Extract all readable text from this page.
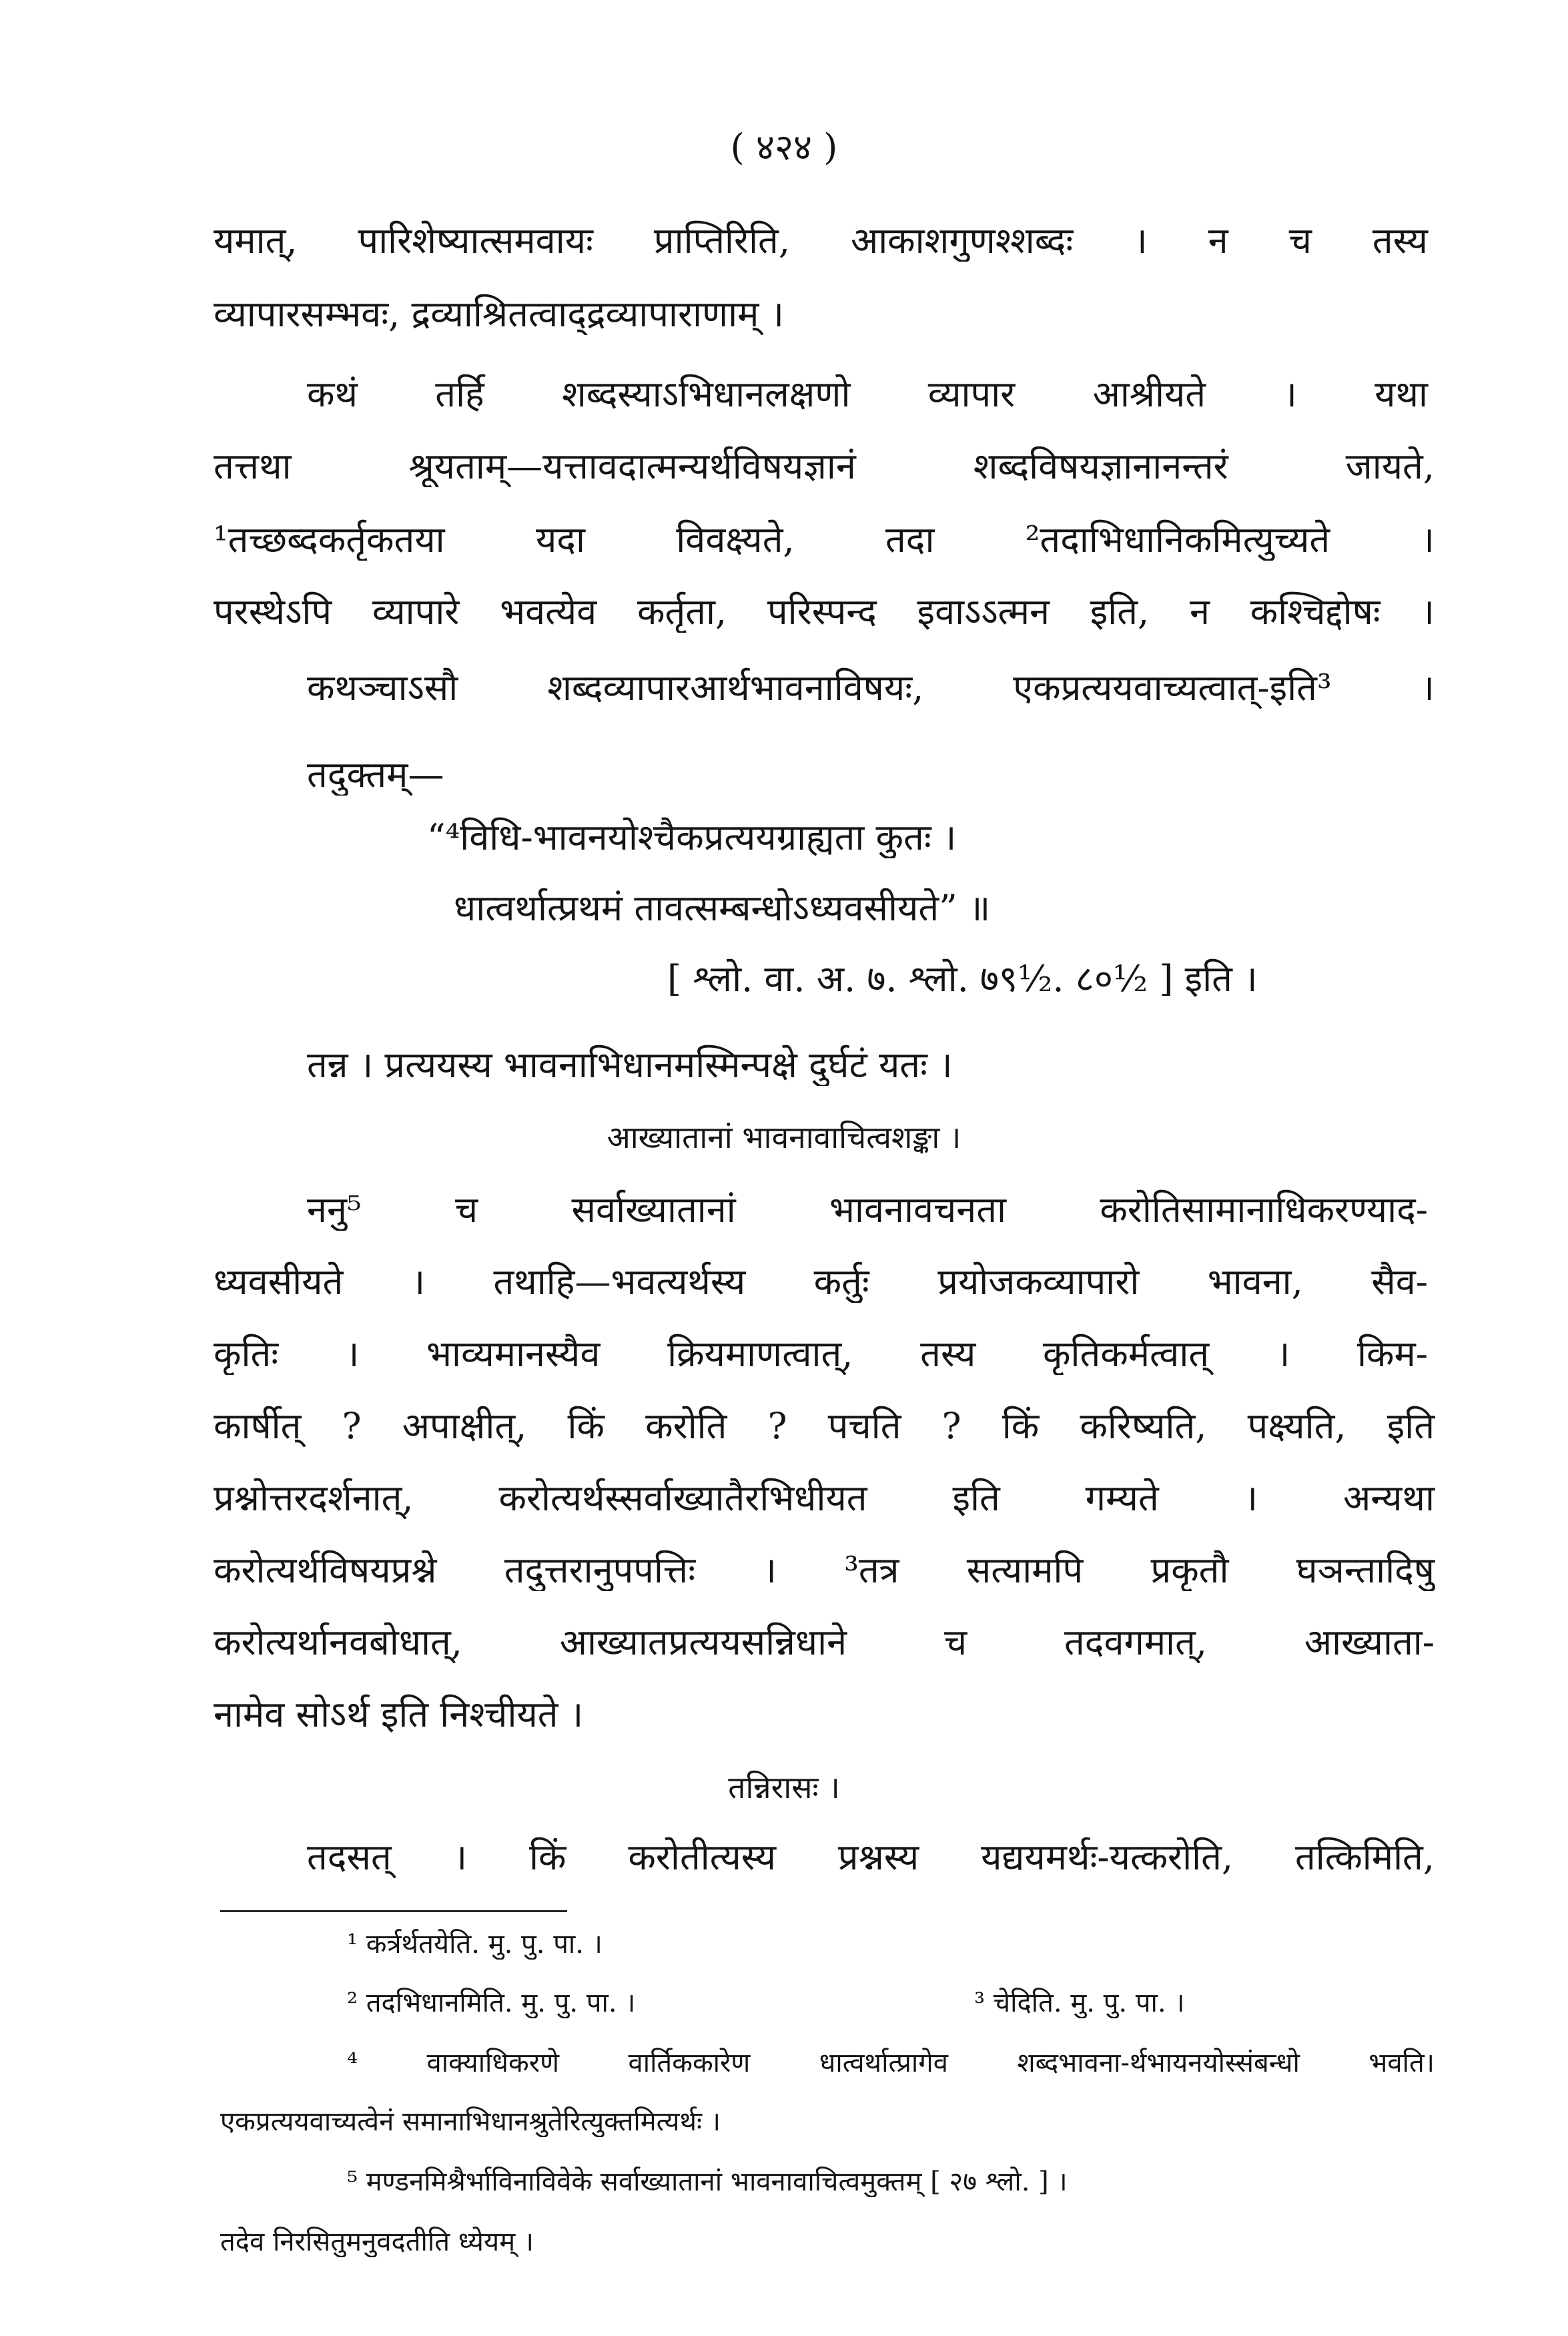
( ४२४ )
यमात्, पारिशेष्यात्समवायः प्राप्तिरिति, आकाशगुणश्शब्दः । न च तस्य
व्यापारसम्भवः, द्रव्याश्रितत्वाद्द्रव्यापाराणाम् ।
कथं तर्हि शब्दस्याऽभिधानलक्षणो व्यापार आश्रीयते । यथा
तत्तथा श्रूयताम्—यत्तावदात्मन्यर्थविषयज्ञानं शब्दविषयज्ञानानन्तरं जायते,
¹तच्छब्दकर्तृकतया यदा विवक्ष्यते, तदा ²तदाभिधानिकमित्युच्यते ।
परस्थेऽपि व्यापारे भवत्येव कर्तृता, परिस्पन्द इवाऽऽत्मन इति, न कश्चिद्दोषः ।
कथञ्चाऽसौ शब्दव्यापारआर्थभावनाविषयः, एकप्रत्ययवाच्यत्वात्-इति³ ।
तदुक्तम्—
“⁴विधि-भावनयोश्चैकप्रत्ययग्राह्यता कुतः ।
धात्वर्थात्प्रथमं तावत्सम्बन्धोऽध्यवसीयते” ॥
[ श्लो. वा. अ. ७. श्लो. ७९½. ८०½ ] इति ।
तन्न । प्रत्ययस्य भावनाभिधानमस्मिन्पक्षे दुर्घटं यतः ।
आख्यातानां भावनावाचित्वशङ्का ।
ननु⁵ च सर्वाख्यातानां भावनावचनता करोतिसामानाधिकरण्याद-
ध्यवसीयते । तथाहि—भवत्यर्थस्य कर्तुः प्रयोजकव्यापारो भावना, सैव-
कृतिः । भाव्यमानस्यैव क्रियमाणत्वात्, तस्य कृतिकर्मत्वात् । किम-
कार्षीत् ? अपाक्षीत्, किं करोति ? पचति ? किं करिष्यति, पक्ष्यति, इति
प्रश्नोत्तरदर्शनात्, करोत्यर्थस्सर्वाख्यातैरभिधीयत इति गम्यते । अन्यथा
करोत्यर्थविषयप्रश्ने तदुत्तरानुपपत्तिः । ³तत्र सत्यामपि प्रकृतौ घञन्तादिषु
करोत्यर्थानवबोधात्, आख्यातप्रत्ययसन्निधाने च तदवगमात्, आख्याता-
नामेव सोऽर्थ इति निश्चीयते ।
तन्निरासः ।
तदसत् । किं करोतीत्यस्य प्रश्नस्य यद्ययमर्थः-यत्करोति, तत्किमिति,
¹ कर्त्रर्थतयेति. मु. पु. पा. ।
² तदभिधानमिति. मु. पु. पा. ।	³ चेदिति. मु. पु. पा. ।
⁴ वाक्याधिकरणे वार्तिककारेण धात्वर्थात्प्रागेव शब्दभावना-र्थभायनयोस्संबन्धो भवति।
एकप्रत्ययवाच्यत्वेनं समानाभिधानश्रुतेरित्युक्तमित्यर्थः ।
⁵ मण्डनमिश्रैर्भाविनाविवेके सर्वाख्यातानां भावनावाचित्वमुक्तम् [ २७ श्लो. ] ।
तदेव निरसितुमनुवदतीति ध्येयम् ।
